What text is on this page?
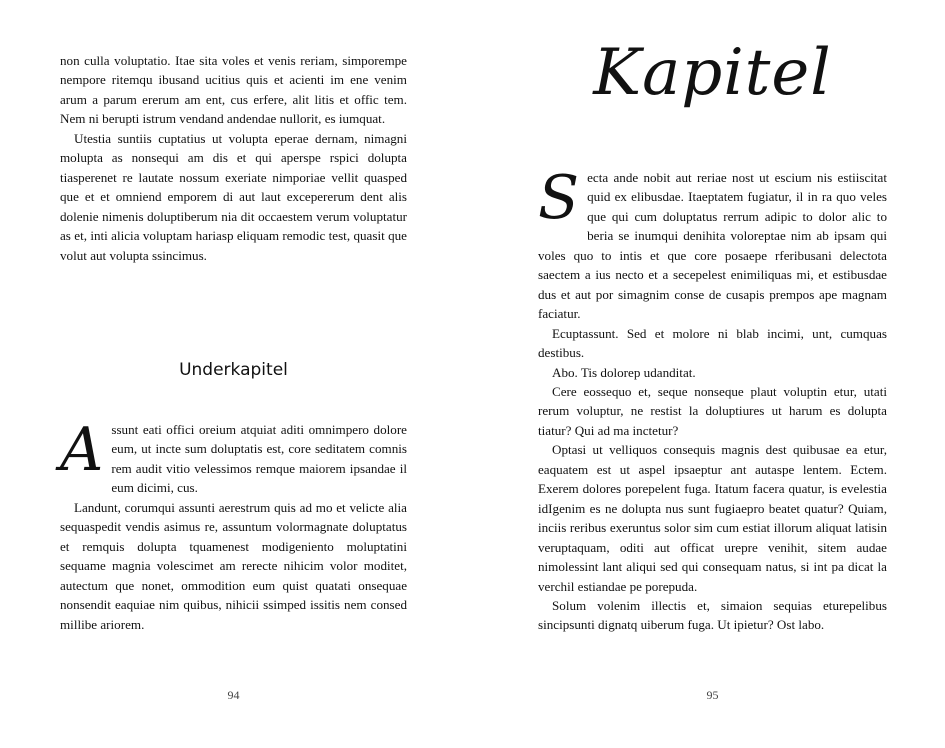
non culla voluptatio. Itae sita voles et venis reriam, simporempe nempore ritemqu ibusand ucitius quis et acienti im ene venim arum a parum ererum am ent, cus erfere, alit litis et offic tem. Nem ni berupti istrum vendand andendae nullorit, es iumquat.

Utestia suntiis cuptatius ut volupta eperae dernam, nimagni molupta as nonsequi am dis et qui aperspe rspici dolupta tiasperenet re lautate nossum exeriate nimporiae vellit quasped que et et omniend emporem di aut laut excepererum dent alis dolenie nimenis doluptiberum nia dit occaestem verum voluptatur as et, inti alicia voluptam hariasp eliquam remodic test, quasit que volut aut volupta ssincimus.

Underkapitel

Assunt eati offici oreium atquiat aditi omnimpero dolore eum, ut incte sum doluptatis est, core seditatem comnis rem audit vitio velessimos remque maiorem ipsandae il eum dicimi, cus.

Landunt, corumqui assunti aerestrum quis ad mo et velicte alia sequaspedit vendis asimus re, assuntum volormagnate doluptatus et remquis dolupta tquamenest modigeniento moluptatini sequame magnia volescimet am rerecte nihicim volor moditet, autectum que nonet, ommodition eum quist quatati onsequae nonsendit eaquiae nim quibus, nihicii ssimped issitis nem consed millibe ariorem.

94
Kapitel

Secta ande nobit aut reriae nost ut escium nis estiiscitat quid ex elibusdae. Itaeptatem fugiatur, il in ra quo veles que qui cum doluptatus rerrum adipic to dolor alic to beria se inumqui denihita voloreptae nim ab ipsam qui voles quo to intis et que core posaepe rferibusani delectota saectem a ius necto et a secepelest enimiliquas mi, et estibusdae dus et aut por simagnim conse de cusapis prempos ape magnam faciatur.

Ecuptassunt. Sed et molore ni blab incimi, unt, cumquas destibus.

Abo. Tis dolorep udanditat.

Cere eossequo et, seque nonseque plaut voluptin etur, utati rerum voluptur, ne restist la doluptiures ut harum es dolupta tiatur? Qui ad ma inctetur?

Optasi ut velliquos consequis magnis dest quibusae ea etur, eaquatem est ut aspel ipsaeptur ant autaspe lentem. Ectem. Exerem dolores porepelent fuga. Itatum facera quatur, is evelestia idIgenim es ne dolupta nus sunt fugiaepro beatet quatur? Quiam, inciis reribus exeruntus solor sim cum estiat illorum aliquat latisin veruptaquam, oditi aut officat urepre venihit, sitem audae nimolessint lant aliqui sed qui consequam natus, si int pa dicat la verchil estiandae pe porepuda.

Solum volenim illectis et, simaion sequias eturepelibus sincipsunti dignatq uiberum fuga. Ut ipietur? Ost labo.

95
